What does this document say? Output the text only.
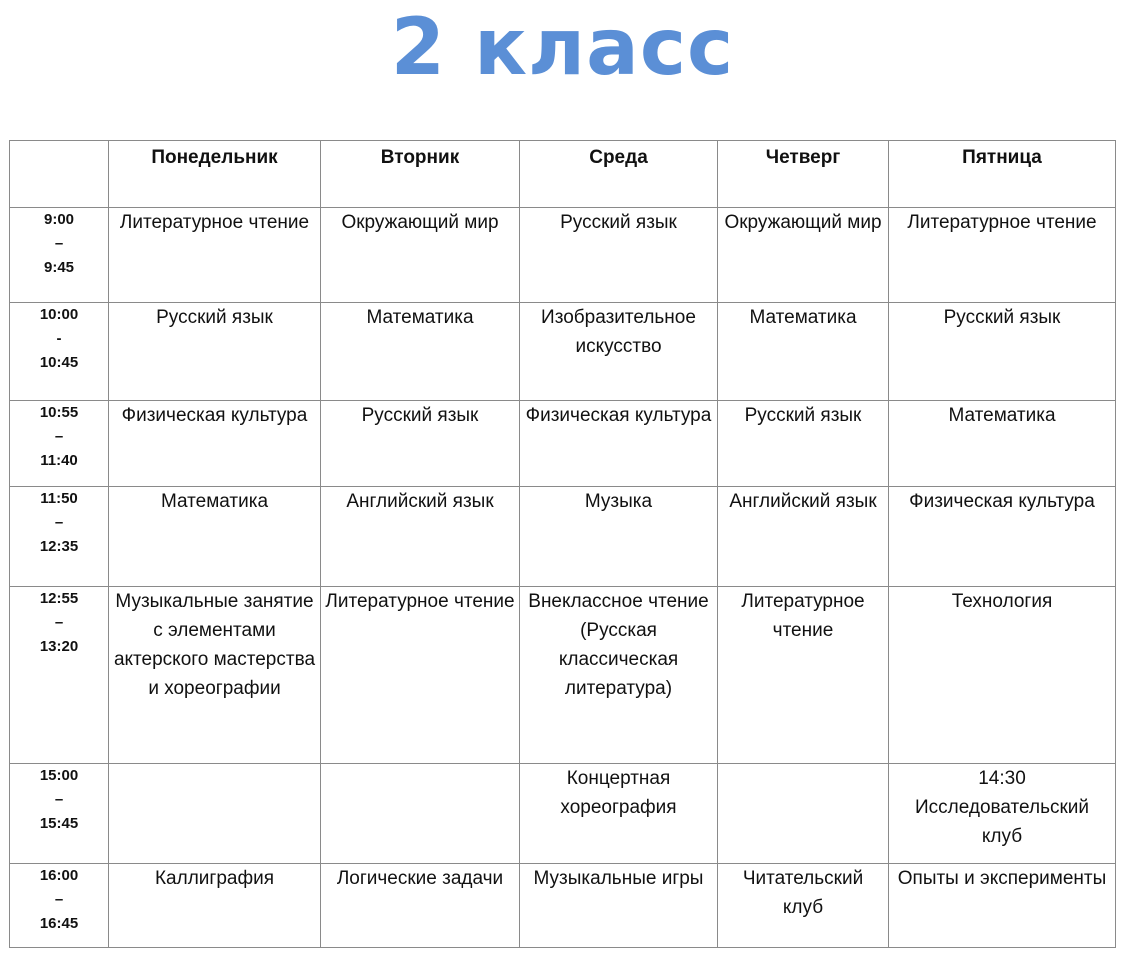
2 класс
	Понедельник	Вторник	Среда	Четверг	Пятница

9:00
–
9:45	Литературное чтение	Окружающий мир	Русский язык	Окружающий мир	Литературное чтение

10:00
-
10:45	Русский язык	Математика	Изобразительное искусство	Математика	Русский язык

10:55
–
11:40	Физическая культура	Русский язык	Физическая культура	Русский язык	Математика

11:50
–
12:35	Математика	Английский язык	Музыка	Английский язык	Физическая культура

12:55
–
13:20	Музыкальные занятие с элементами актерского мастерства и хореографии	Литературное чтение	Внеклассное чтение (Русская классическая литература)	Литературное чтение	Технология

15:00
–
15:45			Концертная хореография		14:30 Исследовательский клуб

16:00
–
16:45	Каллиграфия	Логические задачи	Музыкальные игры	Читательский клуб	Опыты и эксперименты
